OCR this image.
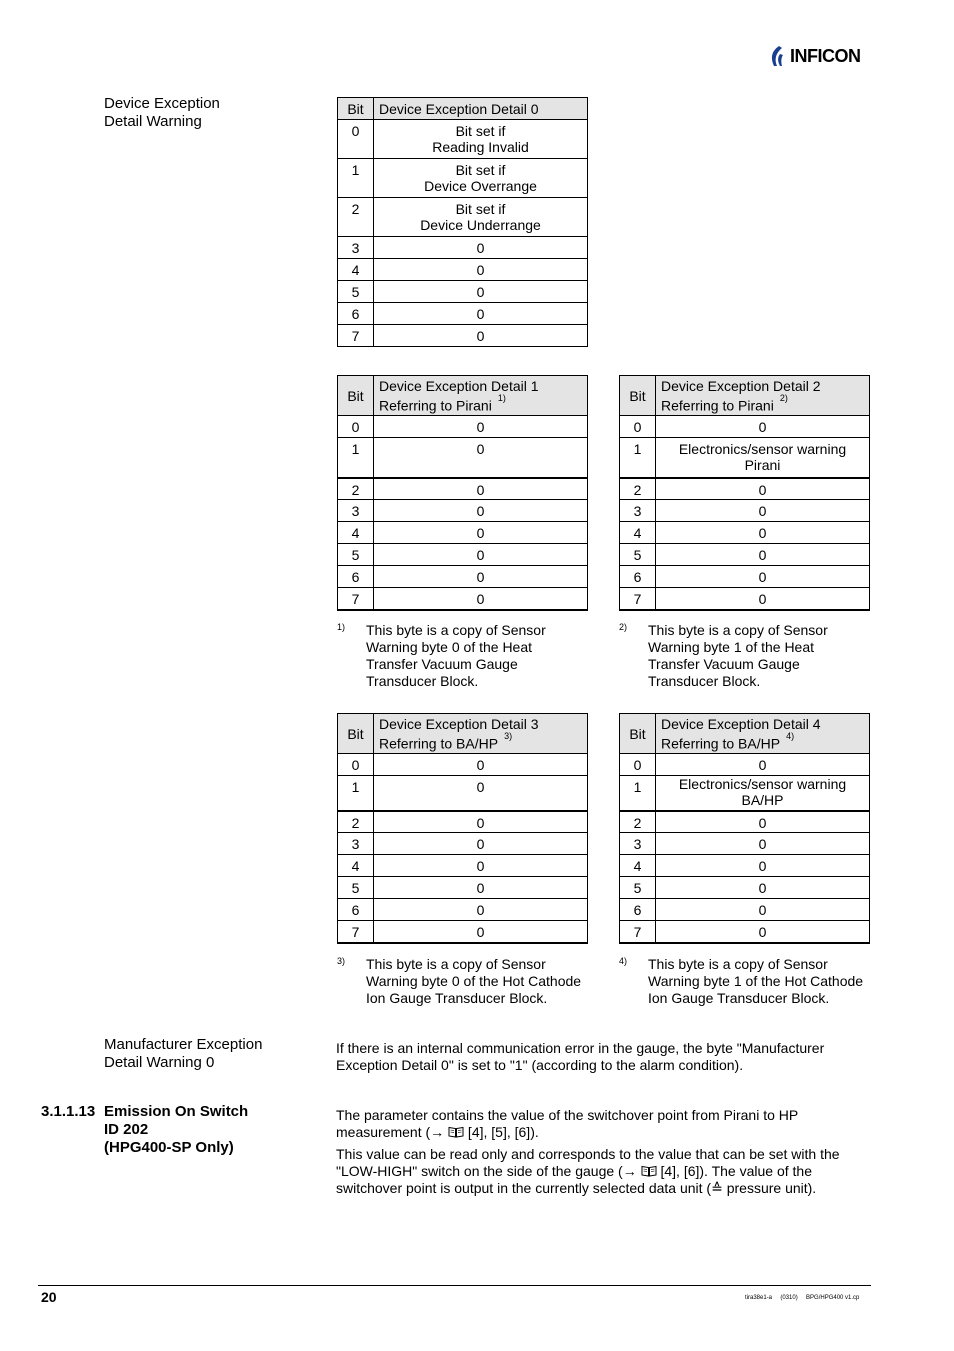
INFICON
Device Exception
Detail Warning
Bit	Device Exception Detail 0
0	Bit set if
Reading Invalid

1	Bit set if
Device Overrange

2	Bit set if
Device Underrange

3	0
4	0
5	0
6	0
7	0
Bit	Device Exception Detail 1
Referring to Pirani $^{1)}$

0	0
1	0
2	0
3	0
4	0
5	0
6	0
7	0
Bit	Device Exception Detail 2
Referring to Pirani $^{2)}$

0	0
1	Electronics/sensor warning
Pirani

2	0
3	0
4	0
5	0
6	0
7	0
1) This byte is a copy of Sensor Warning byte 0 of the Heat Transfer Vacuum Gauge Transducer Block.
2) This byte is a copy of Sensor Warning byte 1 of the Heat Transfer Vacuum Gauge Transducer Block.
Bit	Device Exception Detail 3
Referring to BA/HP $^{3)}$

0	0
1	0
2	0
3	0
4	0
5	0
6	0
7	0
Bit	Device Exception Detail 4
Referring to BA/HP $^{4)}$

0	0
1	Electronics/sensor warning
BA/HP

2	0
3	0
4	0
5	0
6	0
7	0
3) This byte is a copy of Sensor Warning byte 0 of the Hot Cathode Ion Gauge Transducer Block.
4) This byte is a copy of Sensor Warning byte 1 of the Hot Cathode Ion Gauge Transducer Block.
Manufacturer Exception
Detail Warning 0

If there is an internal communication error in the gauge, the byte "Manufacturer Exception Detail 0" is set to "1" (according to the alarm condition).

3.1.1.13 Emission On Switch
ID 202
(HPG400-SP Only)

The parameter contains the value of the switchover point from Pirani to HP measurement (→  [4], [5], [6]).

This value can be read only and corresponds to the value that can be set with the "LOW-HIGH" switch on the side of the gauge (→  [4], [6]). The value of the switchover point is output in the currently selected data unit (≙ pressure unit).

20	tira38e1-a     (0310)     BPG/HPG400 v1.cp
